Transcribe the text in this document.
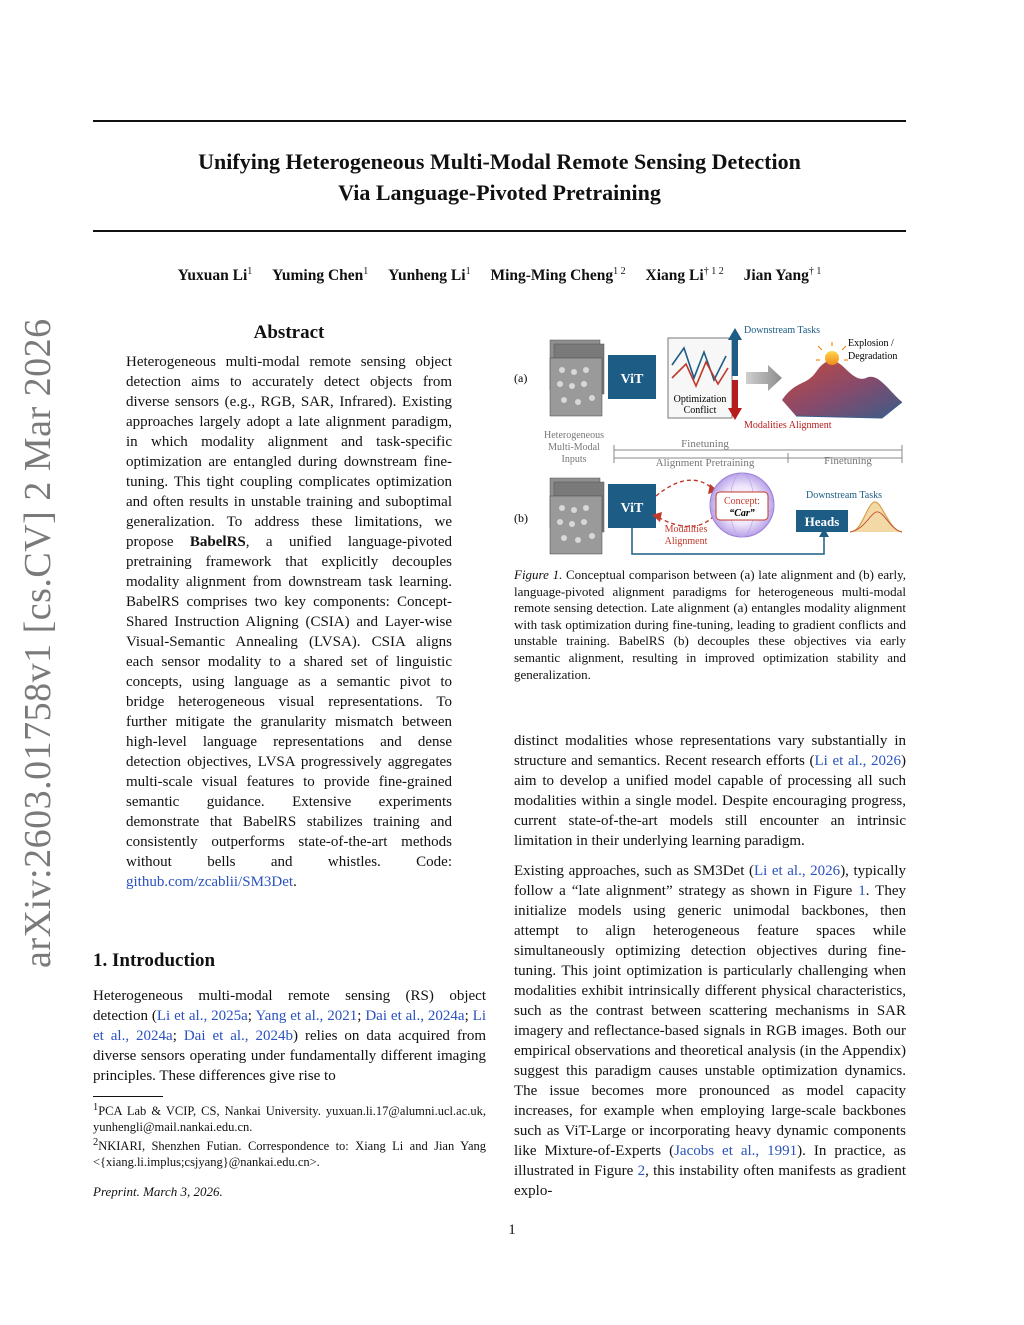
Unifying Heterogeneous Multi-Modal Remote Sensing Detection
Via Language-Pivoted Pretraining
Yuxuan Li$^1$ Yuming Chen$^1$ Yunheng Li$^1$ Ming-Ming Cheng$^{1 2}$ Xiang $Li^{\dagger 1 2}$ Jian Yang$^{\dagger 1}$
arXiv:2603.01758v1 [cs.CV] 2 Mar 2026	Abstract
Heterogeneous multi-modal remote sensing object detection aims to accurately detect objects from diverse sensors (e.g., RGB, SAR, Infrared). Existing approaches largely adopt a late alignment paradigm, in which modality alignment and task-specific optimization are entangled during downstream fine-tuning. This tight coupling complicates optimization and often results in unstable training and suboptimal generalization. To address these limitations, we propose BabelRS, a unified language-pivoted pretraining framework that explicitly decouples modality alignment from downstream task learning. BabelRS comprises two key components: Concept-Shared Instruction Aligning (CSIA) and Layer-wise Visual-Semantic Annealing (LVSA). CSIA aligns each sensor modality to a shared set of linguistic concepts, using language as a semantic pivot to bridge heterogeneous visual representations. To further mitigate the granularity mismatch between high-level language representations and dense detection objectives, LVSA progressively aggregates multi-scale visual features to provide fine-grained semantic guidance. Extensive experiments demonstrate that BabelRS stabilizes training and consistently outperforms state-of-the-art methods without bells and whistles. Code: github.com/zcablii/SM3Det.
1. Introduction
Heterogeneous multi-modal remote sensing (RS) object detection (Li et al., 2025a; Yang et al., 2021; Dai et al., 2024a; Li et al., 2024a; Dai et al., 2024b) relies on data acquired from diverse sensors operating under fundamentally different imaging principles. These differences give rise to
$^1$PCA Lab & VCIP, CS, Nankai University. yuxuan.li.17@alumni.ucl.ac.uk, yunhengli@mail.nankai.edu.cn.
$^2$NKIARI, Shenzhen Futian. Correspondence to: Xiang Li and Jian Yang <{xiang.li.implus;csjyang}@nankai.edu.cn>.
Preprint. March 3, 2026.
1
(a)	ViT
Optimization
Conflict
Downstream Tasks
Modalities Alignment
Explosion /
Degradation
Heterogeneous
Multi-Modal
Inputs
Finetuning
Alignment Pretraining	Finetuning
(b)
ViT	Concept:
“Car”
Modalities
Alignment
Heads
Downstream Tasks
Figure 1. Conceptual comparison between (a) late alignment and (b) early, language-pivoted alignment paradigms for heterogeneous multi-modal remote sensing detection. Late alignment (a) entangles modality alignment with task optimization during fine-tuning, leading to gradient conflicts and unstable training. BabelRS (b) decouples these objectives via early semantic alignment, resulting in improved optimization stability and generalization.
distinct modalities whose representations vary substantially in structure and semantics. Recent research efforts (Li et al., 2026) aim to develop a unified model capable of processing all such modalities within a single model. Despite encouraging progress, current state-of-the-art models still encounter an intrinsic limitation in their underlying learning paradigm.
Existing approaches, such as SM3Det (Li et al., 2026), typically follow a “late alignment” strategy as shown in Figure 1. They initialize models using generic unimodal backbones, then attempt to align heterogeneous feature spaces while simultaneously optimizing detection objectives during fine-tuning. This joint optimization is particularly challenging when modalities exhibit intrinsically different physical characteristics, such as the contrast between scattering mechanisms in SAR imagery and reflectance-based signals in RGB images. Both our empirical observations and theoretical analysis (in the Appendix) suggest this paradigm causes unstable optimization dynamics. The issue becomes more pronounced as model capacity increases, for example when employing large-scale backbones such as ViT-Large or incorporating heavy dynamic components like Mixture-of-Experts (Jacobs et al., 1991). In practice, as illustrated in Figure 2, this instability often manifests as gradient explo-
